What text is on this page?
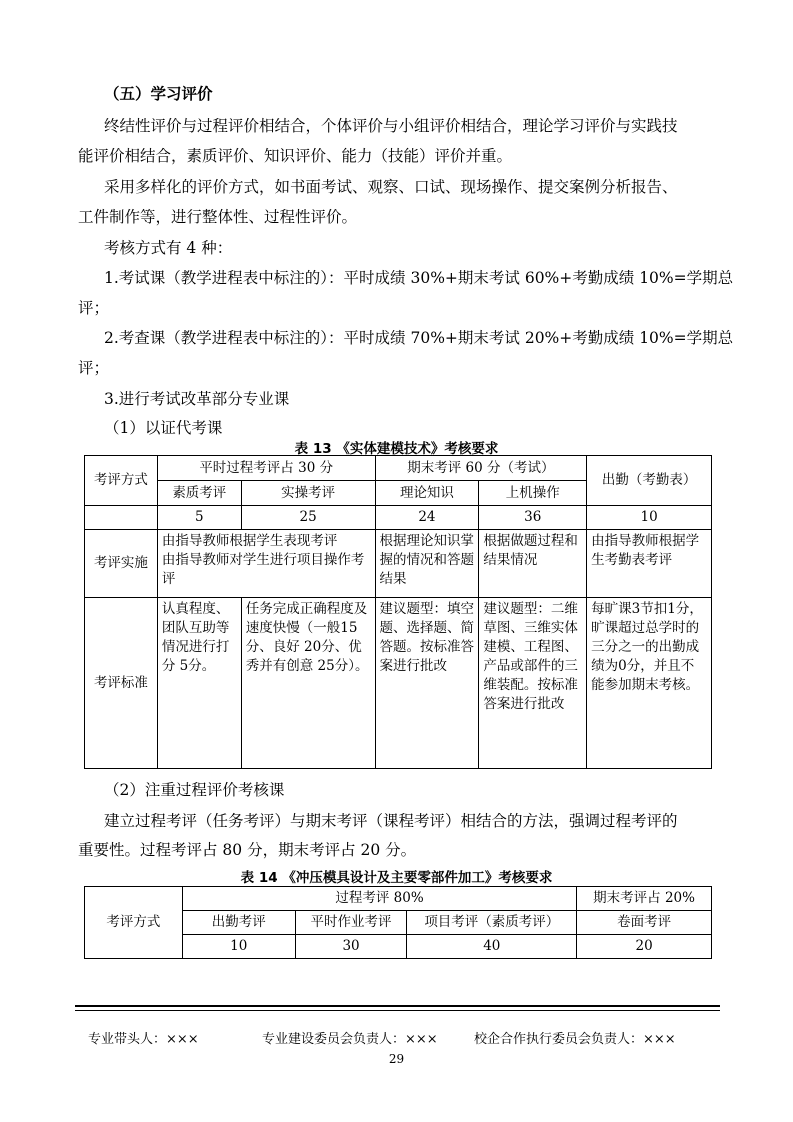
（五）学习评价
终结性评价与过程评价相结合，个体评价与小组评价相结合，理论学习评价与实践技
能评价相结合，素质评价、知识评价、能力（技能）评价并重。
采用多样化的评价方式，如书面考试、观察、口试、现场操作、提交案例分析报告、
工件制作等，进行整体性、过程性评价。
考核方式有 4 种：
1.考试课（教学进程表中标注的）：平时成绩 30%+期末考试 60%+考勤成绩 10%=学期总
评；
2.考查课（教学进程表中标注的）：平时成绩 70%+期末考试 20%+考勤成绩 10%=学期总
评；
3.进行考试改革部分专业课
（1）以证代考课
表 13 《实体建模技术》考核要求
考评方式	平时过程考评占 30 分		期末考评 60 分（考试）		出勤（考勤表）
	素质考评	实操考评	理论知识	上机操作	
	5	25	24	36	10
考评实施	由指导教师根据学生表现考评
由指导教师对学生进行项目操作考评		根据理论知识掌握的情况和答题结果	根据做题过程和结果情况	由指导教师根据学生考勤表考评
考评标准	认真程度、团队互助等情况进行打分 5分。	任务完成正确程度及速度快慢（一般15分、良好 20分、优秀并有创意 25分）。	建议题型：填空题、选择题、简答题。按标准答案进行批改	建议题型：二维草图、三维实体建模、工程图、产品或部件的三维装配。按标准答案进行批改	每旷课3节扣1分，旷课超过总学时的三分之一的出勤成绩为0分，并且不能参加期末考核。
（2）注重过程评价考核课
建立过程考评（任务考评）与期末考评（课程考评）相结合的方法，强调过程考评的
重要性。过程考评占 80 分，期末考评占 20 分。
表 14 《冲压模具设计及主要零部件加工》考核要求
考评方式	过程考评 80%			期末考评占 20%
	出勤考评	平时作业考评	项目考评（素质考评）	卷面考评
	10	30	40	20
专业带头人：×××	专业建设委员会负责人：×××	校企合作执行委员会负责人：×××
29
